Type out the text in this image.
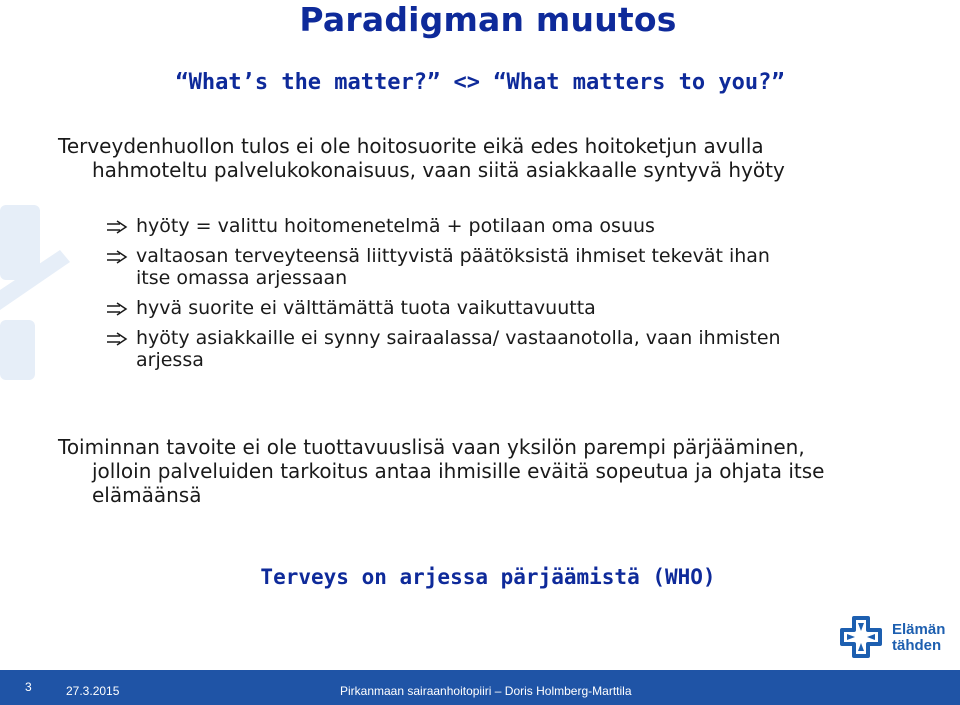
Paradigman muutos
“What’s the matter?” <> “What matters to you?”
Terveydenhuollon tulos ei ole hoitosuorite eikä edes hoitoketjun avulla
hahmoteltu palvelukokonaisuus, vaan siitä asiakkaalle syntyvä hyöty
hyöty = valittu hoitomenetelmä + potilaan oma osuus
valtaosan terveyteensä liittyvistä päätöksistä ihmiset tekevät ihan
itse omassa arjessaan
hyvä suorite ei välttämättä tuota vaikuttavuutta
hyöty asiakkaille ei synny sairaalassa/ vastaanotolla, vaan ihmisten
arjessa
Toiminnan tavoite ei ole tuottavuuslisä vaan yksilön parempi pärjääminen,
jolloin palveluiden tarkoitus antaa ihmisille eväitä sopeutua ja ohjata itse
elämäänsä
Terveys on arjessa pärjäämistä (WHO)
Elämän
tähden
3	27.3.2015	Pirkanmaan sairaanhoitopiiri – Doris Holmberg-Marttila
